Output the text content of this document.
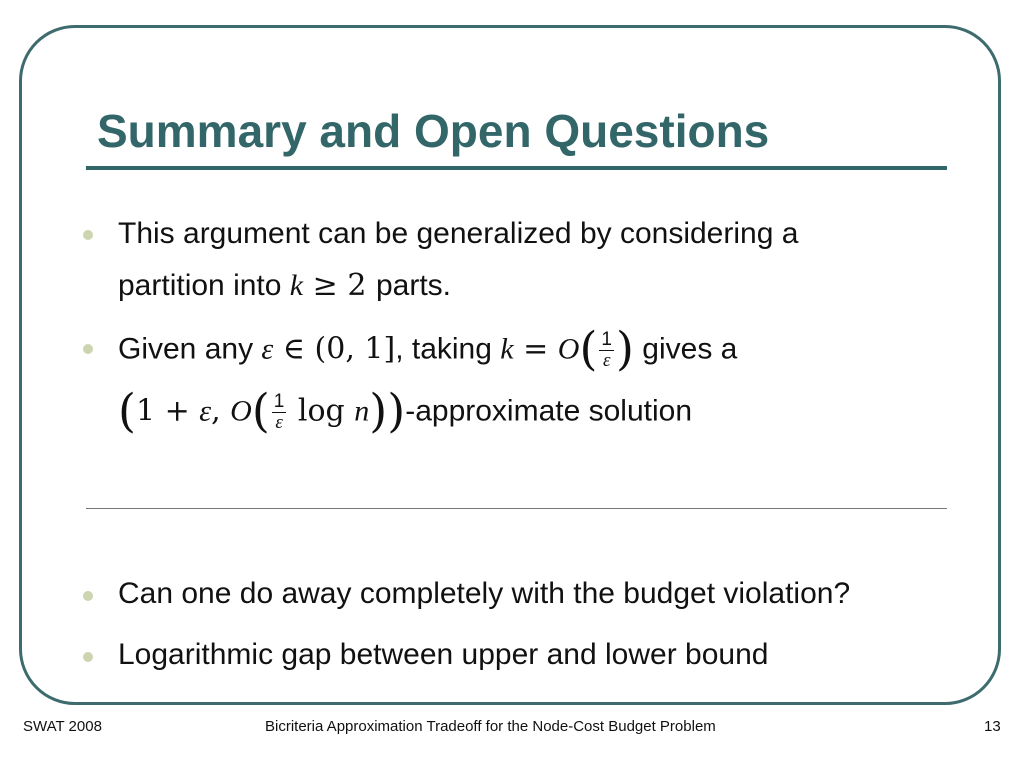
Summary and Open Questions
This argument can be generalized by considering a
partition into k ≥ 2 parts.
Given any ε ∈ (0, 1], taking $k = O( \frac{1}{\varepsilon}$ ) gives a
(1 + ε, $O( \frac{1}{\varepsilon}$ log n))-approximate solution
Can one do away completely with the budget violation?
Logarithmic gap between upper and lower bound
SWAT 2008	Bicriteria Approximation Tradeoff for the Node-Cost Budget Problem	13
